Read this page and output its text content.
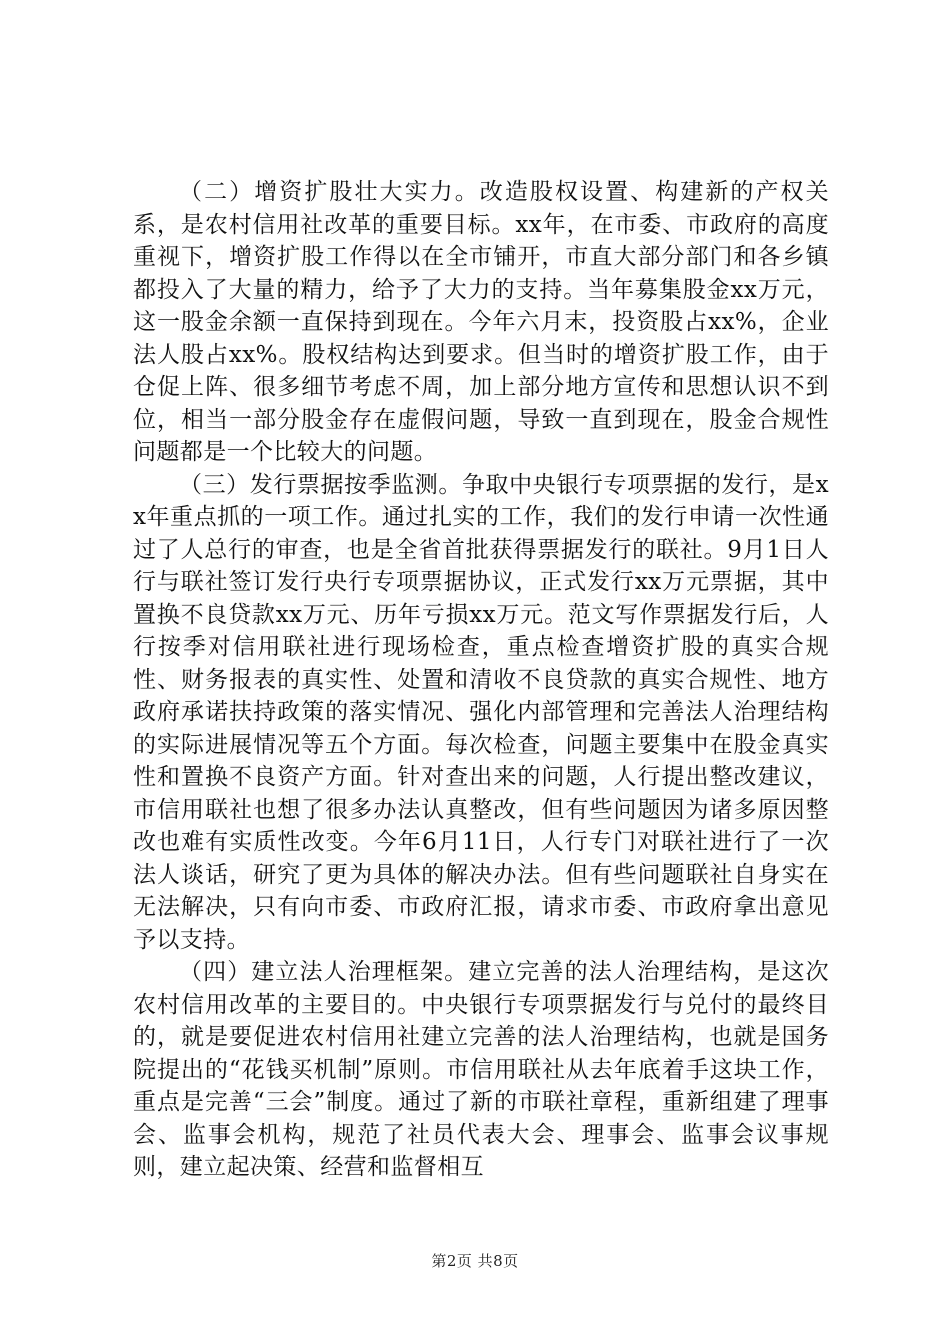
（二）增资扩股壮大实力。改造股权设置、构建新的产权关系，是农村信用社改革的重要目标。xx年，在市委、市政府的高度重视下，增资扩股工作得以在全市铺开，市直大部分部门和各乡镇都投入了大量的精力，给予了大力的支持。当年募集股金xx万元，这一股金余额一直保持到现在。今年六月末，投资股占xx%，企业法人股占xx%。股权结构达到要求。但当时的增资扩股工作，由于仓促上阵、很多细节考虑不周，加上部分地方宣传和思想认识不到位，相当一部分股金存在虚假问题，导致一直到现在，股金合规性问题都是一个比较大的问题。

（三）发行票据按季监测。争取中央银行专项票据的发行，是xx年重点抓的一项工作。通过扎实的工作，我们的发行申请一次性通过了人总行的审查，也是全省首批获得票据发行的联社。9月1日人行与联社签订发行央行专项票据协议，正式发行xx万元票据，其中置换不良贷款xx万元、历年亏损xx万元。范文写作票据发行后，人行按季对信用联社进行现场检查，重点检查增资扩股的真实合规性、财务报表的真实性、处置和清收不良贷款的真实合规性、地方政府承诺扶持政策的落实情况、强化内部管理和完善法人治理结构的实际进展情况等五个方面。每次检查，问题主要集中在股金真实性和置换不良资产方面。针对查出来的问题，人行提出整改建议，市信用联社也想了很多办法认真整改，但有些问题因为诸多原因整改也难有实质性改变。今年6月11日，人行专门对联社进行了一次法人谈话，研究了更为具体的解决办法。但有些问题联社自身实在无法解决，只有向市委、市政府汇报，请求市委、市政府拿出意见予以支持。

（四）建立法人治理框架。建立完善的法人治理结构，是这次农村信用改革的主要目的。中央银行专项票据发行与兑付的最终目的，就是要促进农村信用社建立完善的法人治理结构，也就是国务院提出的“花钱买机制”原则。市信用联社从去年底着手这块工作，重点是完善“三会”制度。通过了新的市联社章程，重新组建了理事会、监事会机构，规范了社员代表大会、理事会、监事会议事规则，建立起决策、经营和监督相互

第2页 共8页
